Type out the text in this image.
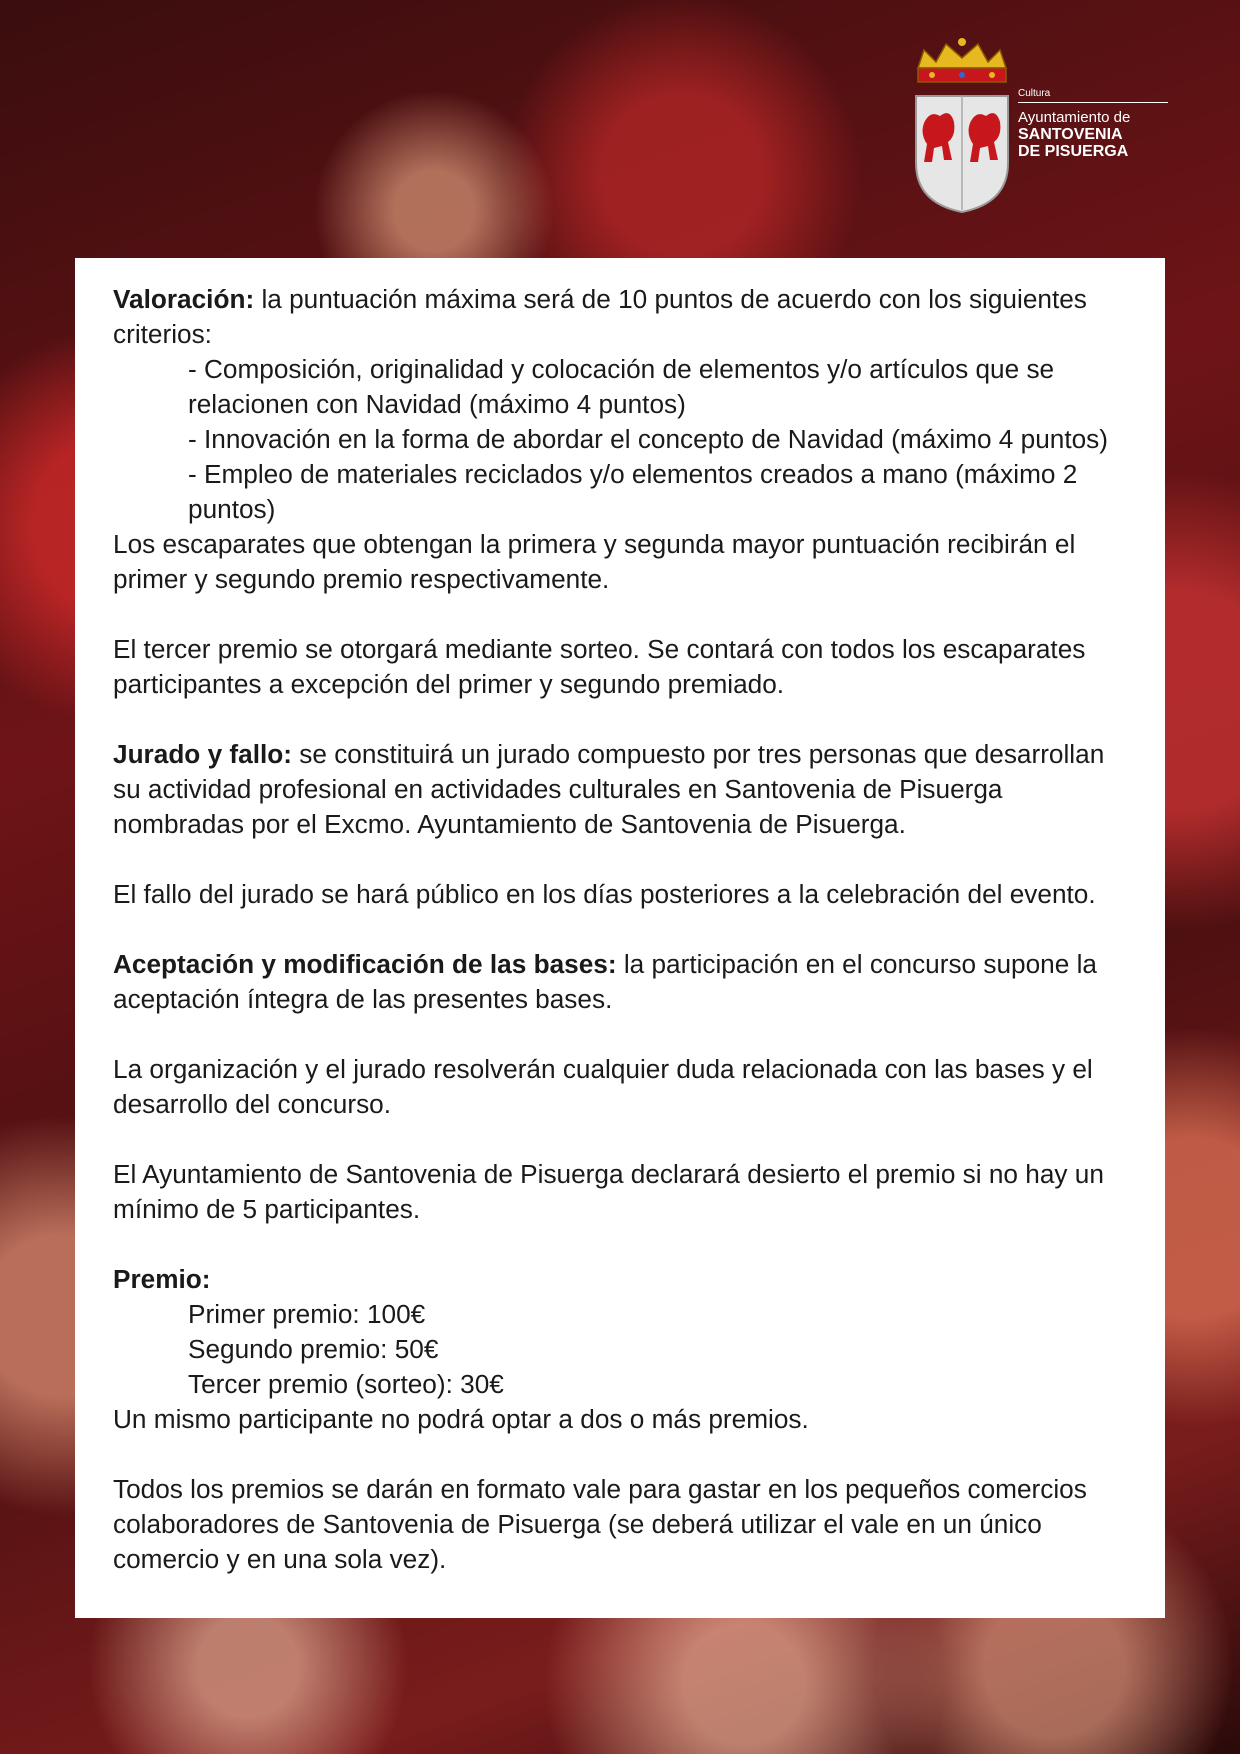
Cultura
Ayuntamiento de
SANTOVENIA
DE PISUERGA

Valoración: la puntuación máxima será de 10 puntos de acuerdo con los siguientes criterios:

- Composición, originalidad y colocación de elementos y/o artículos que se relacionen con Navidad (máximo 4 puntos)

- Innovación en la forma de abordar el concepto de Navidad (máximo 4 puntos)

- Empleo de materiales reciclados y/o elementos creados a mano (máximo 2 puntos)

Los escaparates que obtengan la primera y segunda mayor puntuación recibirán el primer y segundo premio respectivamente.

El tercer premio se otorgará mediante sorteo. Se contará con todos los escaparates participantes a excepción del primer y segundo premiado.

Jurado y fallo: se constituirá un jurado compuesto por tres personas que desarrollan su actividad profesional en actividades culturales en Santovenia de Pisuerga nombradas por el Excmo. Ayuntamiento de Santovenia de Pisuerga.

El fallo del jurado se hará público en los días posteriores a la celebración del evento.

Aceptación y modificación de las bases: la participación en el concurso supone la aceptación íntegra de las presentes bases.

La organización y el jurado resolverán cualquier duda relacionada con las bases y el desarrollo del concurso.

El Ayuntamiento de Santovenia de Pisuerga declarará desierto el premio si no hay un mínimo de 5 participantes.

Premio:

Primer premio: 100€

Segundo premio: 50€

Tercer premio (sorteo): 30€

Un mismo participante no podrá optar a dos o más premios.

Todos los premios se darán en formato vale para gastar en los pequeños comercios colaboradores de Santovenia de Pisuerga (se deberá utilizar el vale en un único comercio y en una sola vez).
